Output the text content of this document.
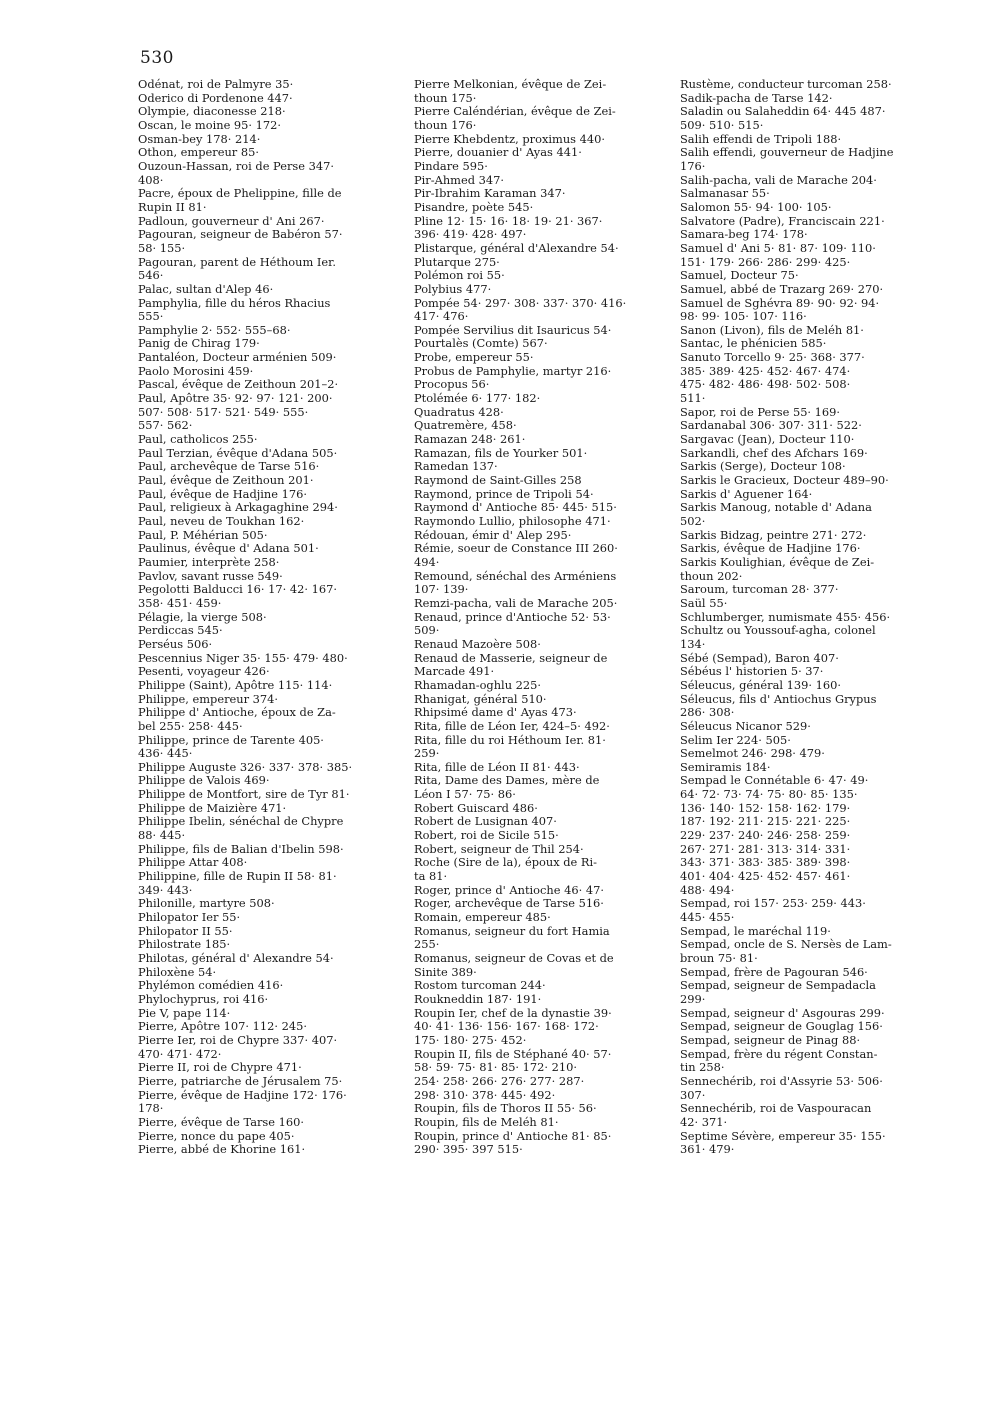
530
Odénat, roi de Palmyre 35·
Oderico di Pordenone 447·
Olympie, diaconesse 218·
Oscan, le moine 95· 172·
Osman-bey 178· 214·
Othon, empereur 85·
Ouzoun-Hassan, roi de Perse 347·
408·
Pacre, époux de Phelippine, fille de
Rupin II 81·
Padloun, gouverneur d' Ani 267·
Pagouran, seigneur de Babéron 57·
58· 155·
Pagouran, parent de Héthoum Ier.
546·
Palac, sultan d'Alep 46·
Pamphylia, fille du héros Rhacius
555·
Pamphylie 2· 552· 555–68·
Panig de Chirag 179·
Pantaléon, Docteur arménien 509·
Paolo Morosini 459·
Pascal, évêque de Zeithoun 201–2·
Paul, Apôtre 35· 92· 97· 121· 200·
507· 508· 517· 521· 549· 555·
557· 562·
Paul, catholicos 255·
Paul Terzian, évêque d'Adana 505·
Paul, archevêque de Tarse 516·
Paul, évêque de Zeithoun 201·
Paul, évêque de Hadjine 176·
Paul, religieux à Arkagaghine 294·
Paul, neveu de Toukhan 162·
Paul, P. Méhérian 505·
Paulinus, évêque d' Adana 501·
Paumier, interprète 258·
Pavlov, savant russe 549·
Pegolotti Balducci 16· 17· 42· 167·
358· 451· 459·
Pélagie, la vierge 508·
Perdiccas 545·
Perséus 506·
Pescennius Niger 35· 155· 479· 480·
Pesenti, voyageur 426·
Philippe (Saint), Apôtre 115· 114·
Philippe, empereur 374·
Philippe d' Antioche, époux de Za-
bel 255· 258· 445·
Philippe, prince de Tarente 405·
436· 445·
Philippe Auguste 326· 337· 378· 385·
Philippe de Valois 469·
Philippe de Montfort, sire de Tyr 81·
Philippe de Maizière 471·
Philippe Ibelin, sénéchal de Chypre
88· 445·
Philippe, fils de Balian d'Ibelin 598·
Philippe Attar 408·
Philippine, fille de Rupin II 58· 81·
349· 443·
Philonille, martyre 508·
Philopator Ier 55·
Philopator II 55·
Philostrate 185·
Philotas, général d' Alexandre 54·
Philoxène 54·
Phylémon comédien 416·
Phylochyprus, roi 416·
Pie V, pape 114·
Pierre, Apôtre 107· 112· 245·
Pierre Ier, roi de Chypre 337· 407·
470· 471· 472·
Pierre II, roi de Chypre 471·
Pierre, patriarche de Jérusalem 75·
Pierre, évêque de Hadjine 172· 176·
178·
Pierre, évêque de Tarse 160·
Pierre, nonce du pape 405·
Pierre, abbé de Khorine 161·
Pierre Melkonian, évêque de Zei-
thoun 175·
Pierre Caléndérian, évêque de Zei-
thoun 176·
Pierre Khebdentz, proximus 440·
Pierre, douanier d' Ayas 441·
Pindare 595·
Pir-Ahmed 347·
Pir-Ibrahim Karaman 347·
Pisandre, poète 545·
Pline 12· 15· 16· 18· 19· 21· 367·
396· 419· 428· 497·
Plistarque, général d'Alexandre 54·
Plutarque 275·
Polémon roi 55·
Polybius 477·
Pompée 54· 297· 308· 337· 370· 416·
417· 476·
Pompée Servilius dit Isauricus 54·
Pourtalès (Comte) 567·
Probe, empereur 55·
Probus de Pamphylie, martyr 216·
Procopus 56·
Ptolémée 6· 177· 182·
Quadratus 428·
Quatremère, 458·
Ramazan 248· 261·
Ramazan, fils de Yourker 501·
Ramedan 137·
Raymond de Saint-Gilles 258
Raymond, prince de Tripoli 54·
Raymond d' Antioche 85· 445· 515·
Raymondo Lullio, philosophe 471·
Rédouan, émir d' Alep 295·
Rémie, soeur de Constance III 260·
494·
Remound, sénéchal des Arméniens
107· 139·
Remzi-pacha, vali de Marache 205·
Renaud, prince d'Antioche 52· 53·
509·
Renaud Mazoère 508·
Renaud de Masserie, seigneur de
Marcade 491·
Rhamadan-oghlu 225·
Rhanigat, général 510·
Rhipsimé dame d' Ayas 473·
Rita, fille de Léon Ier, 424–5· 492·
Rita, fille du roi Héthoum Ier. 81·
259·
Rita, fille de Léon II 81· 443·
Rita, Dame des Dames, mère de
Léon I 57· 75· 86·
Robert Guiscard 486·
Robert de Lusignan 407·
Robert, roi de Sicile 515·
Robert, seigneur de Thil 254·
Roche (Sire de la), époux de Ri-
ta 81·
Roger, prince d' Antioche 46· 47·
Roger, archevêque de Tarse 516·
Romain, empereur 485·
Romanus, seigneur du fort Hamia
255·
Romanus, seigneur de Covas et de
Sinite 389·
Rostom turcoman 244·
Roukneddin 187· 191·
Roupin Ier, chef de la dynastie 39·
40· 41· 136· 156· 167· 168· 172·
175· 180· 275· 452·
Roupin II, fils de Stéphané 40· 57·
58· 59· 75· 81· 85· 172· 210·
254· 258· 266· 276· 277· 287·
298· 310· 378· 445· 492·
Roupin, fils de Thoros II 55· 56·
Roupin, fils de Meléh 81·
Roupin, prince d' Antioche 81· 85·
290· 395· 397 515·
Rustème, conducteur turcoman 258·
Sadik-pacha de Tarse 142·
Saladin ou Salaheddin 64· 445 487·
509· 510· 515·
Salih effendi de Tripoli 188·
Salih effendi, gouverneur de Hadjine
176·
Salih-pacha, vali de Marache 204·
Salmanasar 55·
Salomon 55· 94· 100· 105·
Salvatore (Padre), Franciscain 221·
Samara-beg 174· 178·
Samuel d' Ani 5· 81· 87· 109· 110·
151· 179· 266· 286· 299· 425·
Samuel, Docteur 75·
Samuel, abbé de Trazarg 269· 270·
Samuel de Sghévra 89· 90· 92· 94·
98· 99· 105· 107· 116·
Sanon (Livon), fils de Meléh 81·
Santac, le phénicien 585·
Sanuto Torcello 9· 25· 368· 377·
385· 389· 425· 452· 467· 474·
475· 482· 486· 498· 502· 508·
511·
Sapor, roi de Perse 55· 169·
Sardanabal 306· 307· 311· 522·
Sargavac (Jean), Docteur 110·
Sarkandli, chef des Afchars 169·
Sarkis (Serge), Docteur 108·
Sarkis le Gracieux, Docteur 489–90·
Sarkis d' Aguener 164·
Sarkis Manoug, notable d' Adana
502·
Sarkis Bidzag, peintre 271· 272·
Sarkis, évêque de Hadjine 176·
Sarkis Koulighian, évêque de Zei-
thoun 202·
Saroum, turcoman 28· 377·
Saül 55·
Schlumberger, numismate 455· 456·
Schultz ou Youssouf-agha, colonel
134·
Sébé (Sempad), Baron 407·
Sébéus l' historien 5· 37·
Séleucus, général 139· 160·
Séleucus, fils d' Antiochus Grypus
286· 308·
Séleucus Nicanor 529·
Selim Ier 224· 505·
Semelmot 246· 298· 479·
Semiramis 184·
Sempad le Connétable 6· 47· 49·
64· 72· 73· 74· 75· 80· 85· 135·
136· 140· 152· 158· 162· 179·
187· 192· 211· 215· 221· 225·
229· 237· 240· 246· 258· 259·
267· 271· 281· 313· 314· 331·
343· 371· 383· 385· 389· 398·
401· 404· 425· 452· 457· 461·
488· 494·
Sempad, roi 157· 253· 259· 443·
445· 455·
Sempad, le maréchal 119·
Sempad, oncle de S. Nersès de Lam-
broun 75· 81·
Sempad, frère de Pagouran 546·
Sempad, seigneur de Sempadacla
299·
Sempad, seigneur d' Asgouras 299·
Sempad, seigneur de Gouglag 156·
Sempad, seigneur de Pinag 88·
Sempad, frère du régent Constan-
tin 258·
Sennechérib, roi d'Assyrie 53· 506·
307·
Sennechérib, roi de Vaspouracan
42· 371·
Septime Sévère, empereur 35· 155·
361· 479·
